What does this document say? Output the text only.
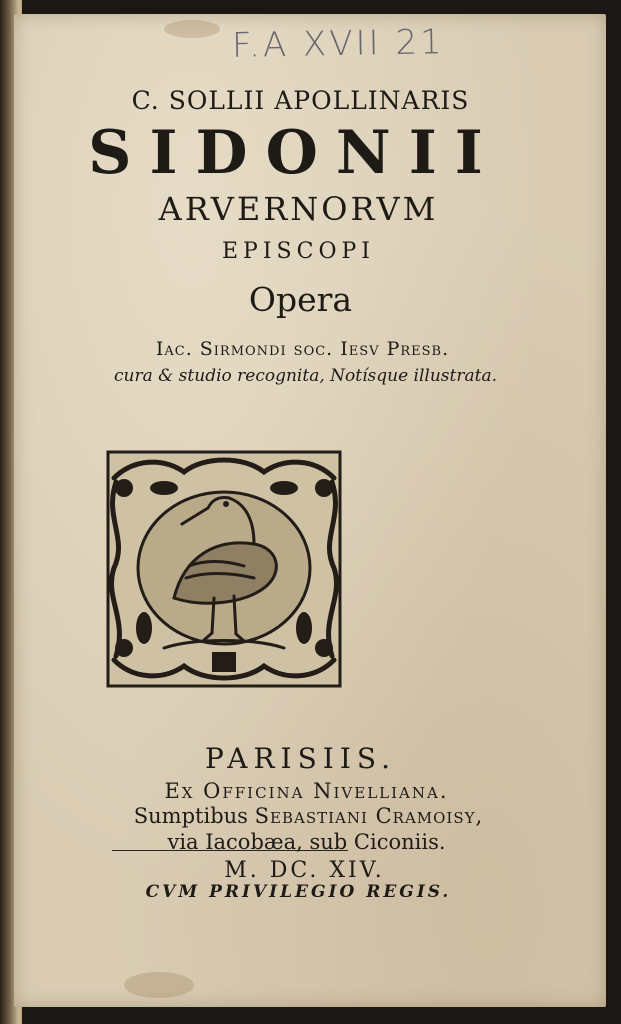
F.A XVII 21
C. SOLLII APOLLINARIS
SIDONII
ARVERNORVM
EPISCOPI
Opera
Iac. Sirmondi soc. Iesv Presb.
cura & studio recognita, Notísque illustrata.
PARISIIS.
Ex Officina Nivelliana.
Sumptibus Sebastiani Cramoisy,
via Iacobæa, sub Ciconiis.
M. DC. XIV.
CVM PRIVILEGIO REGIS.
